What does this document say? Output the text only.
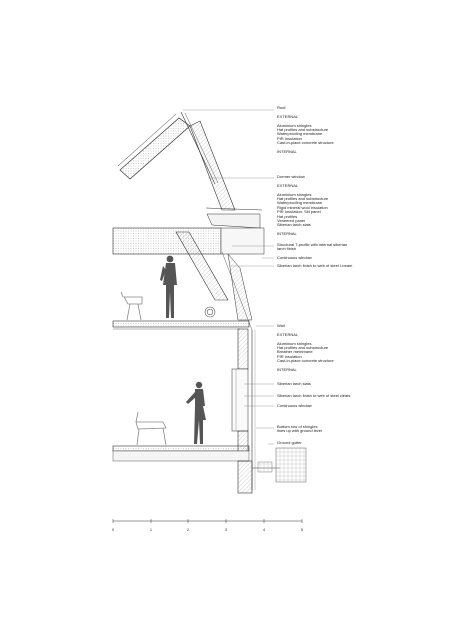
Roof
EXTERNAL
Aluminium shingles
Hat profiles and substructure
Waterproofing membrane
PIR Insulation
Cast-in-place concrete structure
INTERNAL
Dormer window
EXTERNAL
Aluminium shingles
Hat profiles and substructure
Waterproofing membrane
Rigid mineral wool insulation
PIR Insulation; Slit panel
Hat profiles
Veneered panel
Siberian larch slats
INTERNAL
Structural T-profile with internal siberian
larch finish
Continuous window
Siberian larch finish to web of steel I-beam
Wall
EXTERNAL
Aluminium shingles
Hat profiles and substructure
Breather membrane
PIR insulation
Cast-in-place concrete structure
INTERNAL
Siberian larch slats
Siberian larch finish to web of steel cleats
Continuous window
Bottom row of shingles
lines up with ground level
Ground gutter
0	1	2	3	4	5
